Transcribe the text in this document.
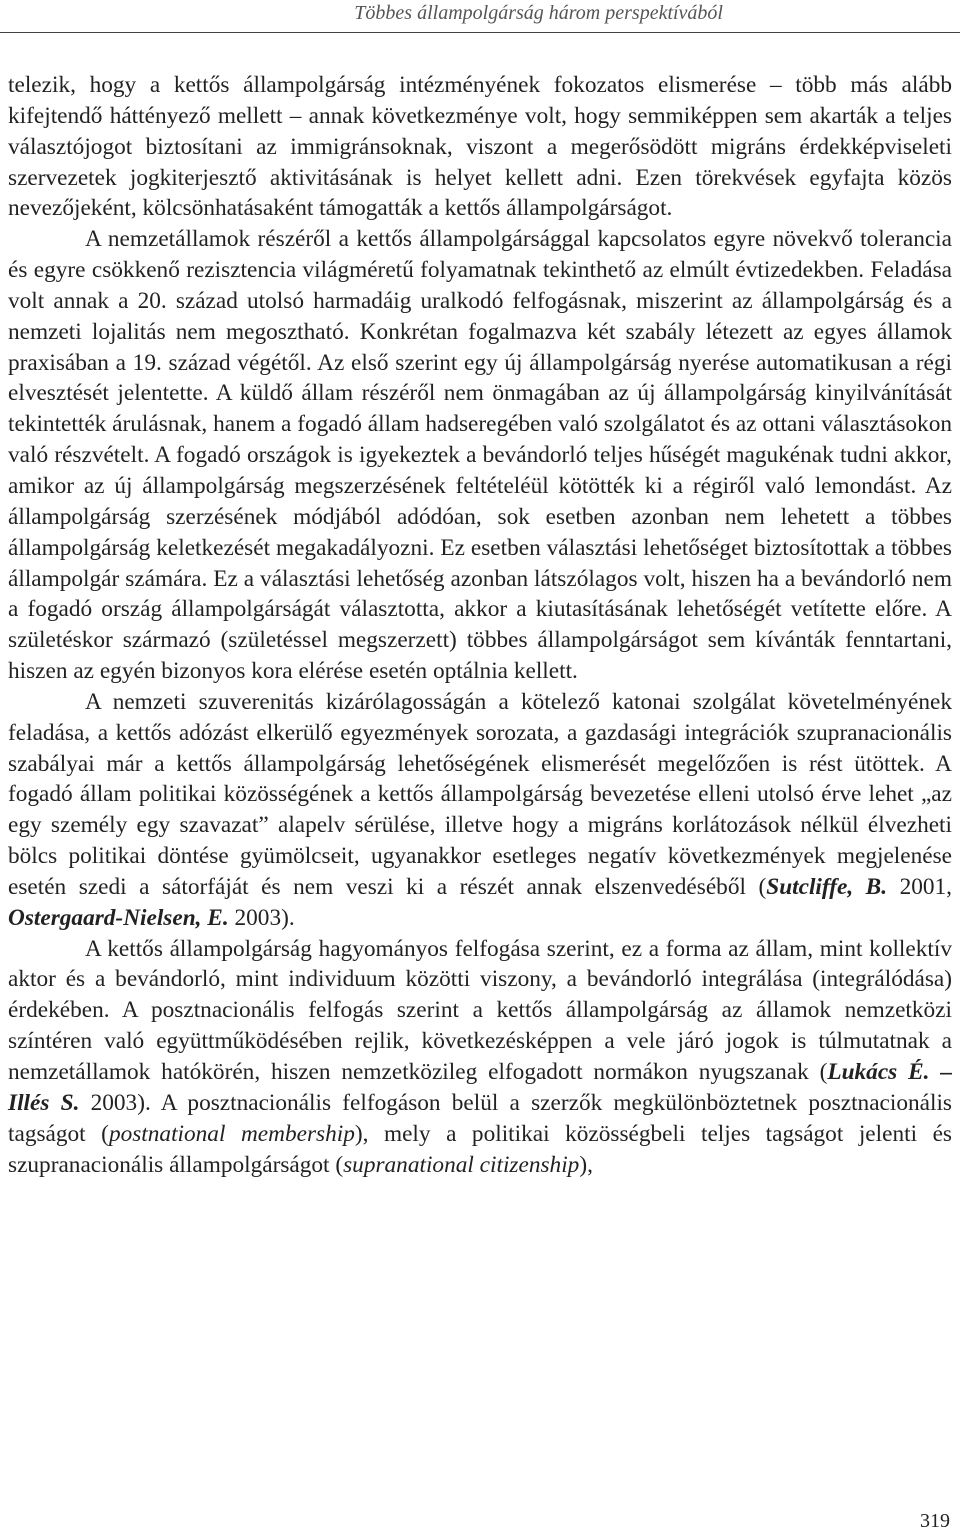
Többes állampolgárság három perspektívából

telezik, hogy a kettős állampolgárság intézményének fokozatos elismerése – több más alább kifejtendő háttényező mellett – annak következménye volt, hogy semmiképpen sem akarták a teljes választójogot biztosítani az immigránsoknak, viszont a megerősödött migráns érdekképviseleti szervezetek jogkiterjesztő aktivitásának is helyet kellett adni. Ezen törekvések egyfajta közös nevezőjeként, kölcsönhatásaként támogatták a kettős állampolgárságot.

A nemzetállamok részéről a kettős állampolgársággal kapcsolatos egyre növekvő tolerancia és egyre csökkenő rezisztencia világméretű folyamatnak tekinthető az elmúlt évtizedekben. Feladása volt annak a 20. század utolsó harmadáig uralkodó felfogásnak, miszerint az állampolgárság és a nemzeti lojalitás nem megosztható. Konkrétan fogalmazva két szabály létezett az egyes államok praxisában a 19. század végétől. Az első szerint egy új állampolgárság nyerése automatikusan a régi elvesztését jelentette. A küldő állam részéről nem önmagában az új állampolgárság kinyilvánítását tekintették árulásnak, hanem a fogadó állam hadseregében való szolgálatot és az ottani választásokon való részvételt. A fogadó országok is igyekeztek a bevándorló teljes hűségét magukénak tudni akkor, amikor az új állampolgárság megszerzésének feltételéül kötötték ki a régiről való lemondást. Az állampolgárság szerzésének módjából adódóan, sok esetben azonban nem lehetett a többes állampolgárság keletkezését megakadályozni. Ez esetben választási lehetőséget biztosítottak a többes állampolgár számára. Ez a választási lehetőség azonban látszólagos volt, hiszen ha a bevándorló nem a fogadó ország állampolgárságát választotta, akkor a kiutasításának lehetőségét vetítette előre. A születéskor származó (születéssel megszerzett) többes állampolgárságot sem kívánták fenntartani, hiszen az egyén bizonyos kora elérése esetén optálnia kellett.

A nemzeti szuverenitás kizárólagosságán a kötelező katonai szolgálat követelményének feladása, a kettős adózást elkerülő egyezmények sorozata, a gazdasági integrációk szupranacionális szabályai már a kettős állampolgárság lehetőségének elismerését megelőzően is rést ütöttek. A fogadó állam politikai közösségének a kettős állampolgárság bevezetése elleni utolsó érve lehet „az egy személy egy szavazat” alapelv sérülése, illetve hogy a migráns korlátozások nélkül élvezheti bölcs politikai döntése gyümölcseit, ugyanakkor esetleges negatív következmények megjelenése esetén szedi a sátorfáját és nem veszi ki a részét annak elszenvedéséből (Sutcliffe, B. 2001, Ostergaard-Nielsen, E. 2003).

A kettős állampolgárság hagyományos felfogása szerint, ez a forma az állam, mint kollektív aktor és a bevándorló, mint individuum közötti viszony, a bevándorló integrálása (integrálódása) érdekében. A posztnacionális felfogás szerint a kettős állampolgárság az államok nemzetközi színtéren való együttműködésében rejlik, következésképpen a vele járó jogok is túlmutatnak a nemzetállamok hatókörén, hiszen nemzetközileg elfogadott normákon nyugszanak (Lukács É. – Illés S. 2003). A posztnacionális felfogáson belül a szerzők megkülönböztetnek posztnacionális tagságot (postnational membership), mely a politikai közösségbeli teljes tagságot jelenti és szupranacionális állampolgárságot (supranational citizenship),

319
